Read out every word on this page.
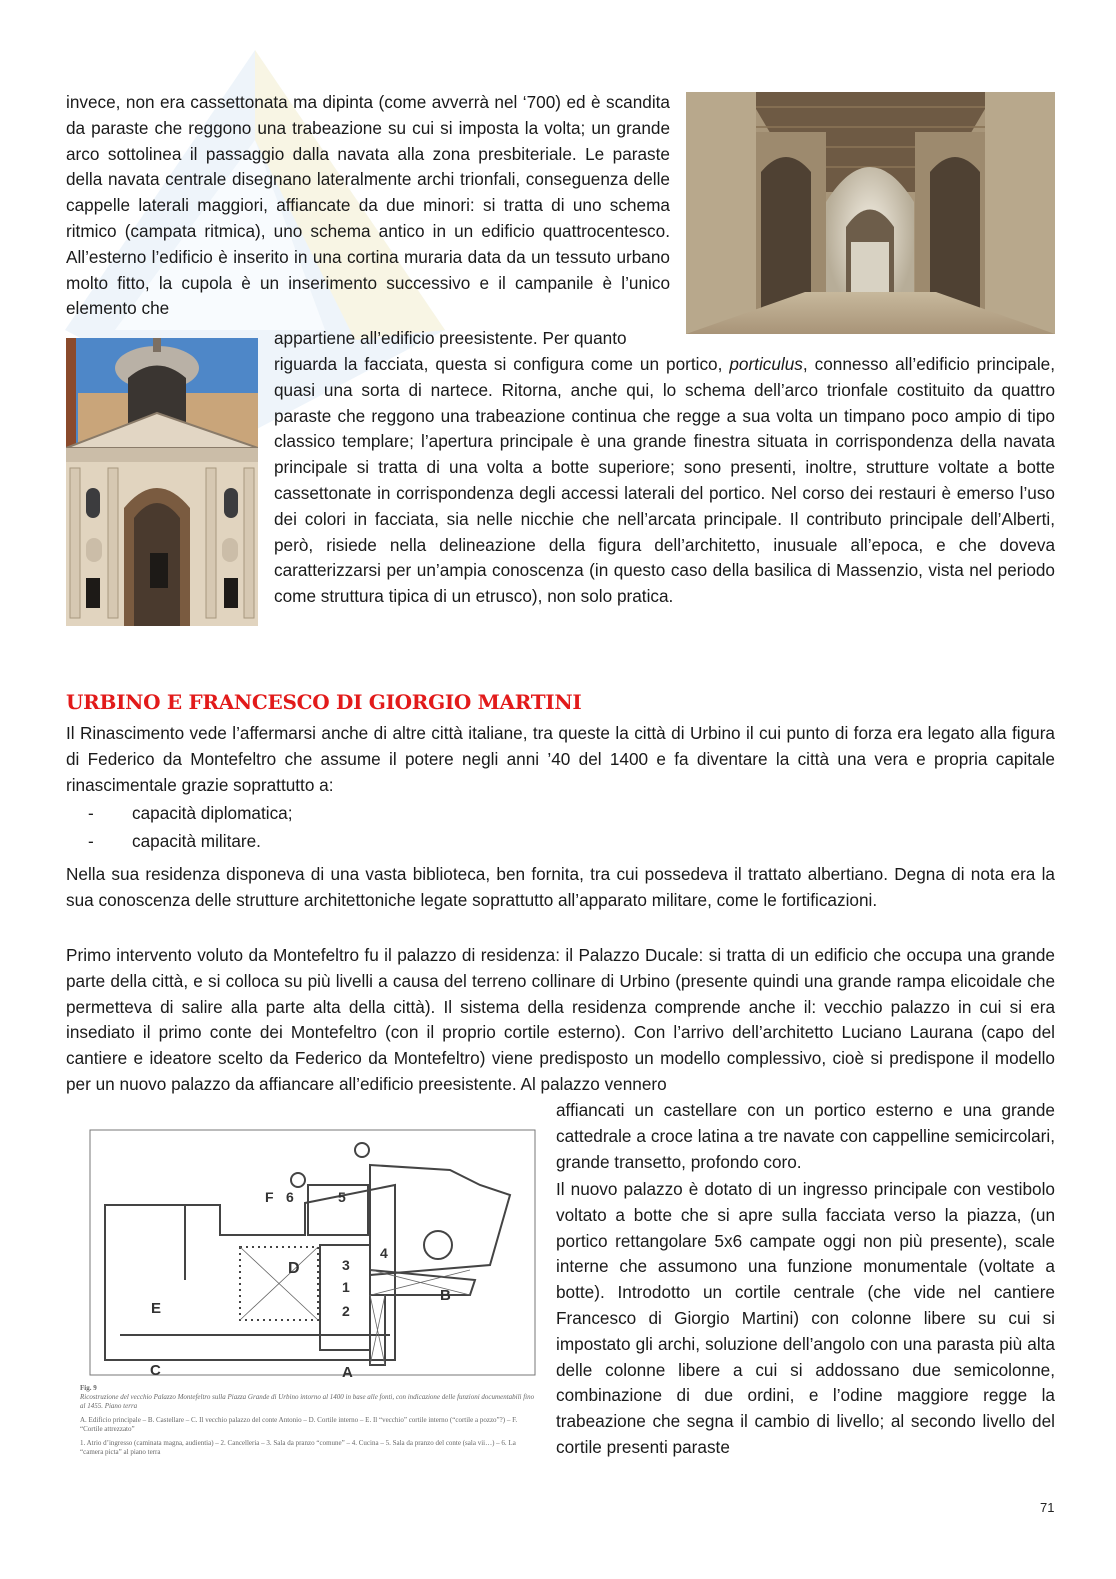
invece, non era cassettonata ma dipinta (come avverrà nel ‘700) ed è scandita da paraste che reggono una trabeazione su cui si imposta la volta; un grande arco sottolinea il passaggio dalla navata alla zona presbiteriale. Le paraste della navata centrale disegnano lateralmente archi trionfali, conseguenza delle cappelle laterali maggiori, affiancate da due minori: si tratta di uno schema ritmico (campata ritmica), uno schema antico in un edificio quattrocentesco. All’esterno l’edificio è inserito in una cortina muraria data da un tessuto urbano molto fitto, la cupola è un inserimento successivo e il campanile è l’unico elemento che

appartiene all’edificio preesistente. Per quanto

riguarda la facciata, questa si configura come un portico, porticulus, connesso all’edificio principale, quasi una sorta di nartece. Ritorna, anche qui, lo schema dell’arco trionfale costituito da quattro paraste che reggono una trabeazione continua che regge a sua volta un timpano poco ampio di tipo classico templare; l’apertura principale è una grande finestra situata in corrispondenza della navata principale si tratta di una volta a botte superiore; sono presenti, inoltre, strutture voltate a botte cassettonate in corrispondenza degli accessi laterali del portico. Nel corso dei restauri è emerso l’uso dei colori in facciata, sia nelle nicchie che nell’arcata principale. Il contributo principale dell’Alberti, però, risiede nella delineazione della figura dell’architetto, inusuale all’epoca, e che doveva caratterizzarsi per un’ampia conoscenza (in questo caso della basilica di Massenzio, vista nel periodo come struttura tipica di un etrusco), non solo pratica.

URBINO E FRANCESCO DI GIORGIO MARTINI

Il Rinascimento vede l’affermarsi anche di altre città italiane, tra queste la città di Urbino il cui punto di forza era legato alla figura di Federico da Montefeltro che assume il potere negli anni ’40 del 1400 e fa diventare la città una vera e propria capitale rinascimentale grazie soprattutto a:

-	capacità diplomatica;
-	capacità militare.

Nella sua residenza disponeva di una vasta biblioteca, ben fornita, tra cui possedeva il trattato albertiano. Degna di nota era la sua conoscenza delle strutture architettoniche legate soprattutto all’apparato militare, come le fortificazioni.

Primo intervento voluto da Montefeltro fu il palazzo di residenza: il Palazzo Ducale: si tratta di un edificio che occupa una grande parte della città, e si colloca su più livelli a causa del terreno collinare di Urbino (presente quindi una grande rampa elicoidale che permetteva di salire alla parte alta della città). Il sistema della residenza comprende anche il: vecchio palazzo in cui si era insediato il primo conte dei Montefeltro (con il proprio cortile esterno). Con l’arrivo dell’architetto Luciano Laurana (capo del cantiere e ideatore scelto da Federico da Montefeltro) viene predisposto un modello complessivo, cioè si predispone il modello per un nuovo palazzo da affiancare all’edificio preesistente. Al palazzo vennero

F 6	5
4
3
1
2
D
E
B
C	A

Fig. 9
Ricostruzione del vecchio Palazzo Montefeltro sulla Piazza Grande di Urbino intorno al 1400 in base alle fonti, con indicazione delle funzioni documentabili fino al 1455. Piano terra

A. Edificio principale – B. Castellare – C. Il vecchio palazzo del conte Antonio – D. Cortile interno – E. Il “vecchio” cortile interno (“cortile a pozzo”?) – F. “Cortile attrezzato”

1. Atrio d’ingresso (caminata magna, audientia) – 2. Cancelleria – 3. Sala da pranzo “comune” – 4. Cucina – 5. Sala da pranzo del conte (sala vii…) – 6. La “camera picta” al piano terra

affiancati un castellare con un portico esterno e una grande cattedrale a croce latina a tre navate con cappelline semicircolari, grande transetto, profondo coro.

Il nuovo palazzo è dotato di un ingresso principale con vestibolo voltato a botte che si apre sulla facciata verso la piazza, (un portico rettangolare 5x6 campate oggi non più presente), scale interne che assumono una funzione monumentale (voltate a botte). Introdotto un cortile centrale (che vide nel cantiere Francesco di Giorgio Martini) con colonne libere su cui si impostato gli archi, soluzione dell’angolo con una parasta più alta delle colonne libere a cui si addossano due semicolonne, combinazione di due ordini, e l’odine maggiore regge la trabeazione che segna il cambio di livello; al secondo livello del cortile presenti paraste

71
